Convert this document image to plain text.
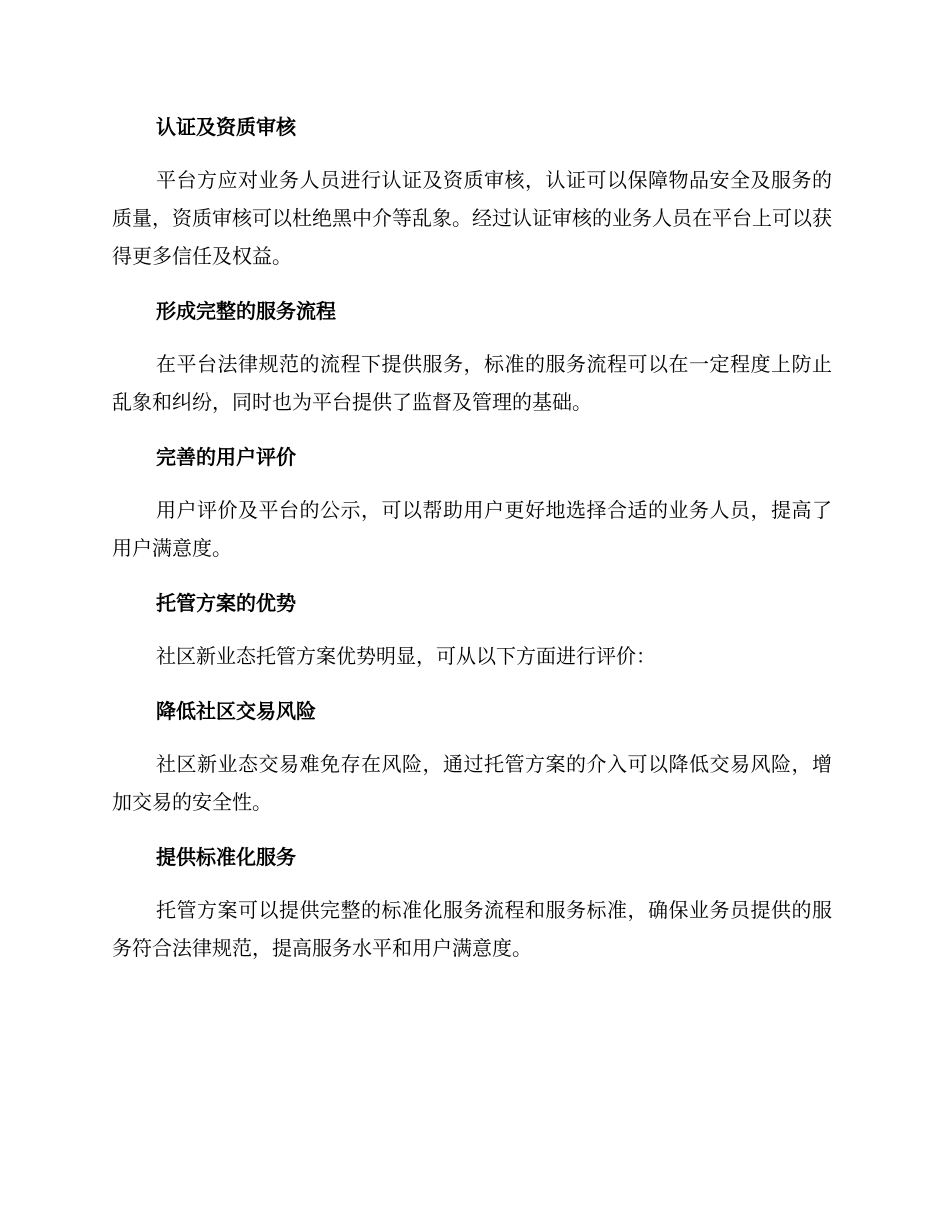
认证及资质审核

平台方应对业务人员进行认证及资质审核，认证可以保障物品安全及服务的质量，资质审核可以杜绝黑中介等乱象。经过认证审核的业务人员在平台上可以获得更多信任及权益。

形成完整的服务流程

在平台法律规范的流程下提供服务，标准的服务流程可以在一定程度上防止乱象和纠纷，同时也为平台提供了监督及管理的基础。

完善的用户评价

用户评价及平台的公示，可以帮助用户更好地选择合适的业务人员，提高了用户满意度。

托管方案的优势

社区新业态托管方案优势明显，可从以下方面进行评价：

降低社区交易风险

社区新业态交易难免存在风险，通过托管方案的介入可以降低交易风险，增加交易的安全性。

提供标准化服务

托管方案可以提供完整的标准化服务流程和服务标准，确保业务员提供的服务符合法律规范，提高服务水平和用户满意度。
